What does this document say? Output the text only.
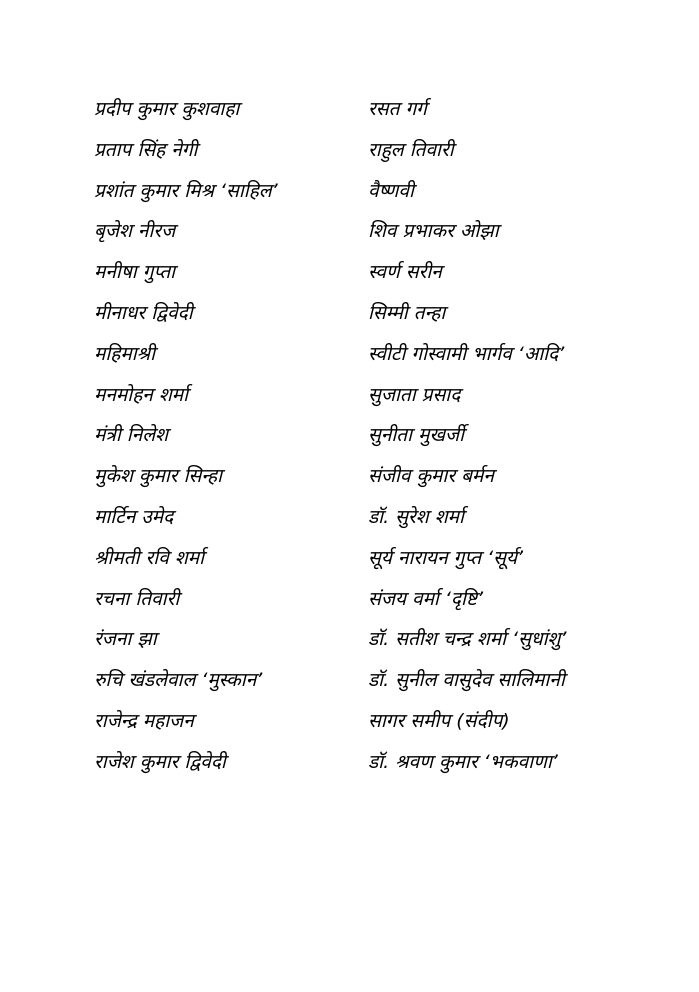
प्रदीप कुमार कुशवाहा	रसत गर्ग
प्रताप सिंह नेगी	राहुल तिवारी
प्रशांत कुमार मिश्र ‘साहिल’	वैष्णवी
बृजेश नीरज	शिव प्रभाकर ओझा
मनीषा गुप्ता	स्वर्ण सरीन
मीनाधर द्विवेदी	सिम्मी तन्हा
महिमाश्री	स्वीटी गोस्वामी भार्गव ‘आदि’
मनमोहन शर्मा	सुजाता प्रसाद
मंत्री निलेश	सुनीता मुखर्जी
मुकेश कुमार सिन्हा	संजीव कुमार बर्मन
मार्टिन उमेद	डॉ. सुरेश शर्मा
श्रीमती रवि शर्मा	सूर्य नारायन गुप्त ‘सूर्य’
रचना तिवारी	संजय वर्मा ‘दृष्टि’
रंजना झा	डॉ. सतीश चन्द्र शर्मा ‘सुधांशु’
रुचि खंडलेवाल ‘मुस्कान’	डॉ. सुनील वासुदेव सालिमानी
राजेन्द्र महाजन	सागर समीप (संदीप)
राजेश कुमार द्विवेदी	डॉ. श्रवण कुमार ‘भकवाणा’
